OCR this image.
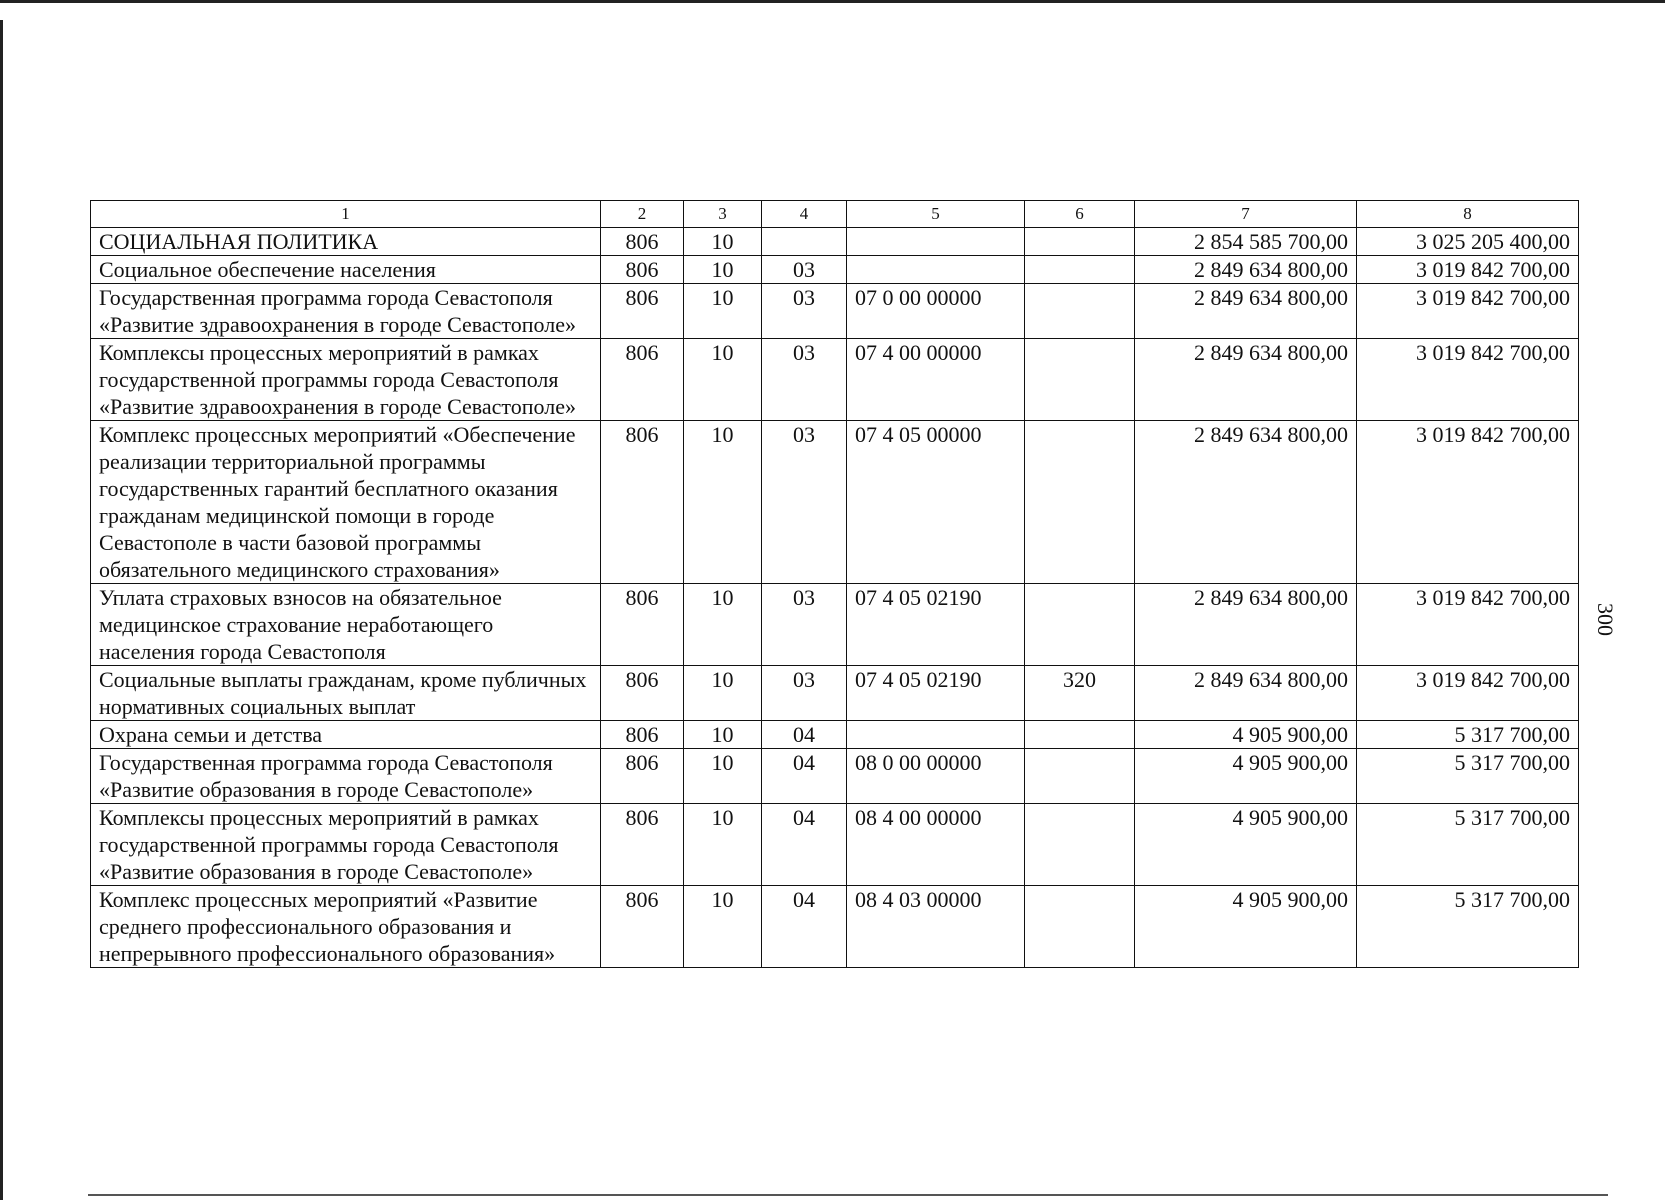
300
1	2	3	4	5	6	7	8
СОЦИАЛЬНАЯ ПОЛИТИКА	806	10				2 854 585 700,00	3 025 205 400,00
Социальное обеспечение населения	806	10	03			2 849 634 800,00	3 019 842 700,00
Государственная программа города Севастополя «Развитие здравоохранения в городе Севастополе»	806	10	03	07 0 00 00000		2 849 634 800,00	3 019 842 700,00
Комплексы процессных мероприятий в рамках государственной программы города Севастополя «Развитие здравоохранения в городе Севастополе»	806	10	03	07 4 00 00000		2 849 634 800,00	3 019 842 700,00
Комплекс процессных мероприятий «Обеспечение реализации территориальной программы государственных гарантий бесплатного оказания гражданам медицинской помощи в городе Севастополе в части базовой программы обязательного медицинского страхования»	806	10	03	07 4 05 00000		2 849 634 800,00	3 019 842 700,00
Уплата страховых взносов на обязательное медицинское страхование неработающего населения города Севастополя	806	10	03	07 4 05 02190		2 849 634 800,00	3 019 842 700,00
Социальные выплаты гражданам, кроме публичных нормативных социальных выплат	806	10	03	07 4 05 02190	320	2 849 634 800,00	3 019 842 700,00
Охрана семьи и детства	806	10	04			4 905 900,00	5 317 700,00
Государственная программа города Севастополя «Развитие образования в городе Севастополе»	806	10	04	08 0 00 00000		4 905 900,00	5 317 700,00
Комплексы процессных мероприятий в рамках государственной программы города Севастополя «Развитие образования в городе Севастополе»	806	10	04	08 4 00 00000		4 905 900,00	5 317 700,00
Комплекс процессных мероприятий «Развитие среднего профессионального образования и непрерывного профессионального образования»	806	10	04	08 4 03 00000		4 905 900,00	5 317 700,00
